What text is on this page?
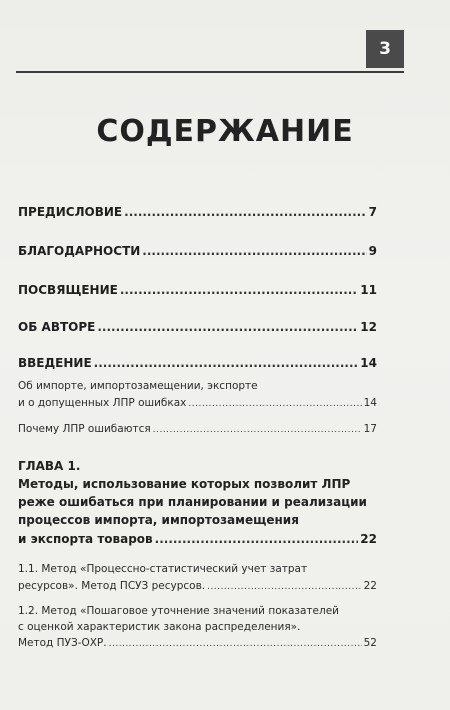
3
СОДЕРЖАНИЕ
ПРЕДИСЛОВИЕ .....	7
БЛАГОДАРНОСТИ .....	9
ПОСВЯЩЕНИЕ .....	11
ОБ АВТОРЕ .....	12
ВВЕДЕНИЕ .....	14
Об импорте, импортозамещении, экспорте
и о допущенных ЛПР ошибках .....	14
Почему ЛПР ошибаются .....	17
ГЛАВА 1.
Методы, использование которых позволит ЛПР
реже ошибаться при планировании и реализации
процессов импорта, импортозамещения
и экспорта товаров .....	22
1.1. Метод «Процессно-статистический учет затрат
ресурсов». Метод ПСУЗ ресурсов. .....	22
1.2. Метод «Пошаговое уточнение значений показателей
с оценкой характеристик закона распределения».
Метод ПУЗ-ОХР. .....	52
